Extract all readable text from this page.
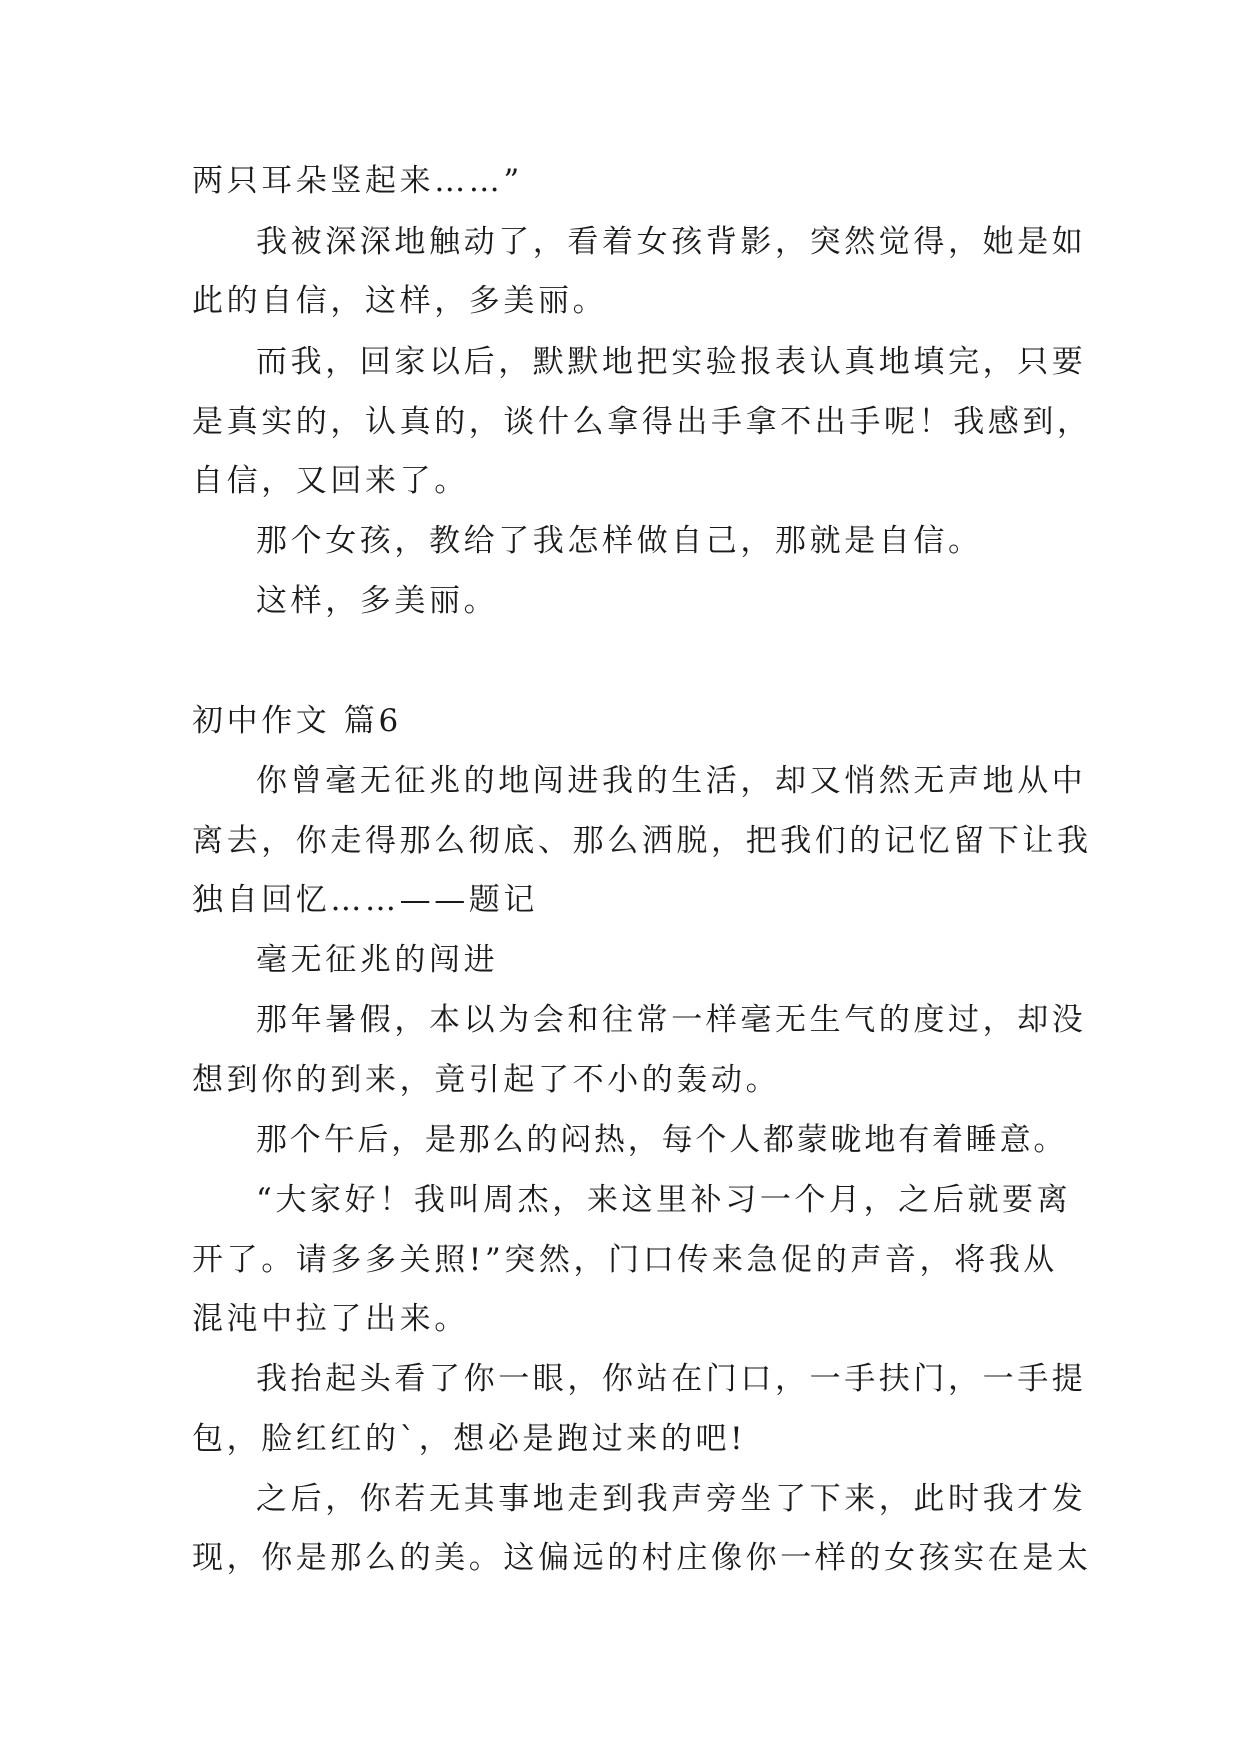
两只耳朵竖起来……”
我被深深地触动了，看着女孩背影，突然觉得，她是如
此的自信，这样，多美丽。
而我，回家以后，默默地把实验报表认真地填完，只要
是真实的，认真的，谈什么拿得出手拿不出手呢！我感到，
自信，又回来了。
那个女孩，教给了我怎样做自己，那就是自信。
这样，多美丽。
初中作文 篇6
你曾毫无征兆的地闯进我的生活，却又悄然无声地从中
离去，你走得那么彻底、那么洒脱，把我们的记忆留下让我
独自回忆……——题记
毫无征兆的闯进
那年暑假，本以为会和往常一样毫无生气的度过，却没
想到你的到来，竟引起了不小的轰动。
那个午后，是那么的闷热，每个人都蒙昽地有着睡意。
“大家好！我叫周杰，来这里补习一个月，之后就要离
开了。请多多关照!”突然，门口传来急促的声音，将我从
混沌中拉了出来。
我抬起头看了你一眼，你站在门口，一手扶门，一手提
包，脸红红的`，想必是跑过来的吧!
之后，你若无其事地走到我声旁坐了下来，此时我才发
现，你是那么的美。这偏远的村庄像你一样的女孩实在是太
